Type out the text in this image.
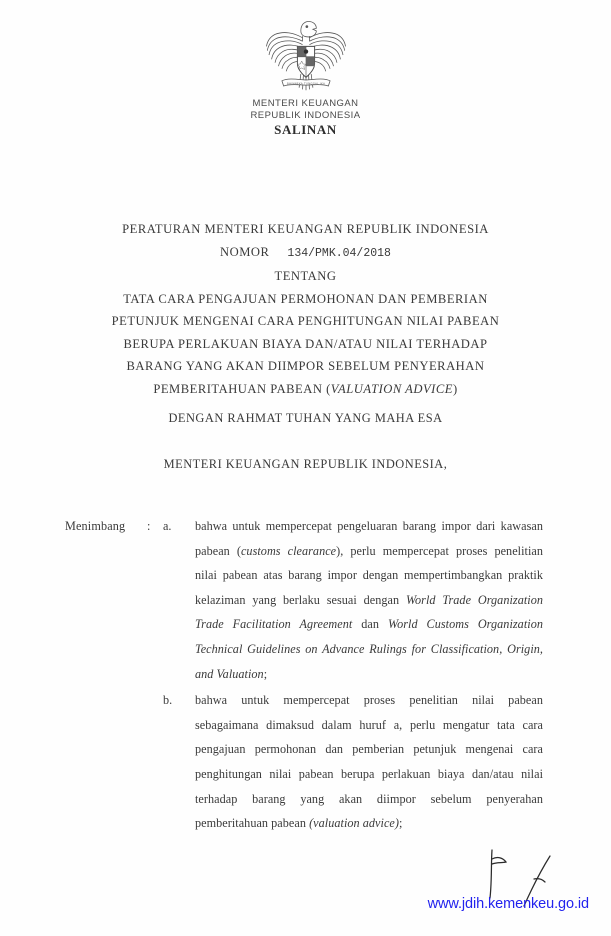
BHINNEKA TUNGGAL IKA
MENTERI KEUANGAN
REPUBLIK INDONESIA
SALINAN
PERATURAN MENTERI KEUANGAN REPUBLIK INDONESIA
NOMOR 134/PMK.04/2018
TENTANG
TATA CARA PENGAJUAN PERMOHONAN DAN PEMBERIAN
PETUNJUK MENGENAI CARA PENGHITUNGAN NILAI PABEAN
BERUPA PERLAKUAN BIAYA DAN/ATAU NILAI TERHADAP
BARANG YANG AKAN DIIMPOR SEBELUM PENYERAHAN
PEMBERITAHUAN PABEAN (VALUATION ADVICE)
DENGAN RAHMAT TUHAN YANG MAHA ESA
MENTERI KEUANGAN REPUBLIK INDONESIA,
Menimbang	:	a.	bahwa untuk mempercepat pengeluaran barang impor dari kawasan pabean (customs clearance), perlu mempercepat proses penelitian nilai pabean atas barang impor dengan mempertimbangkan praktik kelaziman yang berlaku sesuai dengan World Trade Organization Trade Facilitation Agreement dan World Customs Organization Technical Guidelines on Advance Rulings for Classification, Origin, and Valuation;
b.	bahwa untuk mempercepat proses penelitian nilai pabean sebagaimana dimaksud dalam huruf a, perlu mengatur tata cara pengajuan permohonan dan pemberian petunjuk mengenai cara penghitungan nilai pabean berupa perlakuan biaya dan/atau nilai terhadap barang yang akan diimpor sebelum penyerahan pemberitahuan pabean (valuation advice);
www.jdih.kemenkeu.go.id
